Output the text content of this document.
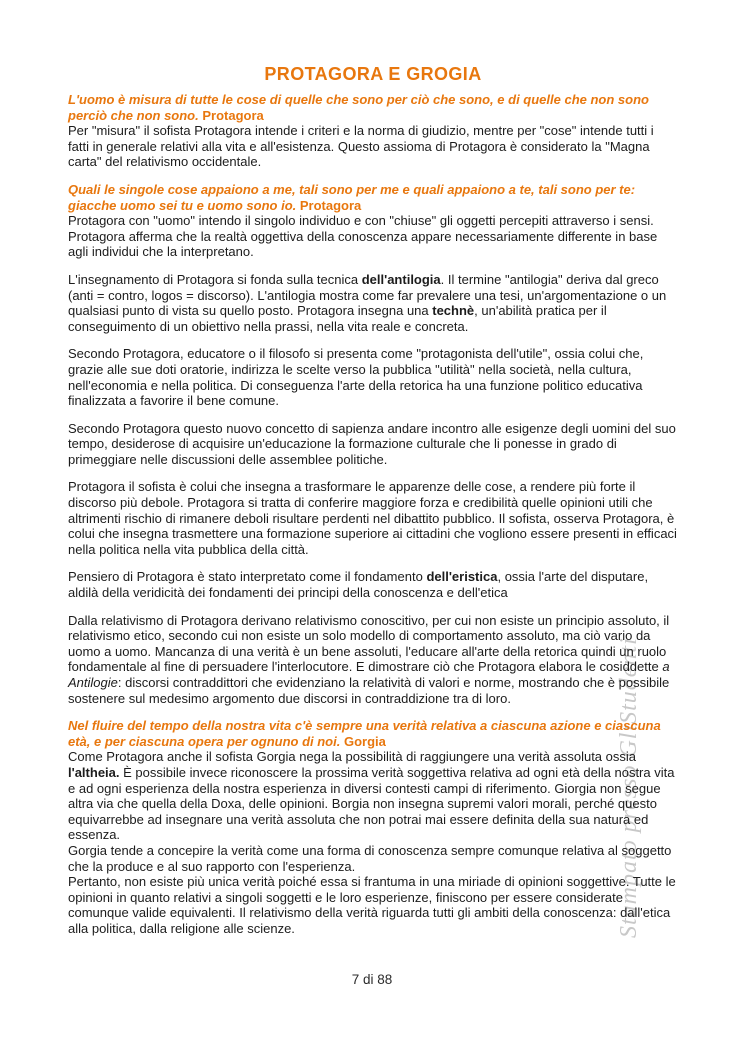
Stampato presso GliStudenti
PROTAGORA E GROGIA
L'uomo è misura di tutte le cose di quelle che sono per ciò che sono, e di quelle che non sono perciò che non sono. Protagora
Per "misura" il sofista Protagora intende i criteri e la norma di giudizio, mentre per "cose" intende tutti i fatti in generale relativi alla vita e all'esistenza. Questo assioma di Protagora è considerato la "Magna carta" del relativismo occidentale.
Quali le singole cose appaiono a me, tali sono per me e quali appaiono a te, tali sono per te: giacche uomo sei tu e uomo sono io. Protagora
Protagora con "uomo" intendo il singolo individuo e con "chiuse" gli oggetti percepiti attraverso i sensi. Protagora afferma che la realtà oggettiva della conoscenza appare necessariamente differente in base agli individui che la interpretano.
L'insegnamento di Protagora si fonda sulla tecnica dell'antilogia. Il termine "antilogia" deriva dal greco (anti = contro, logos = discorso). L'antilogia mostra come far prevalere una tesi, un'argomentazione o un qualsiasi punto di vista su quello posto. Protagora insegna una technè, un'abilità pratica per il conseguimento di un obiettivo nella prassi, nella vita reale e concreta.
Secondo Protagora, educatore o il filosofo si presenta come "protagonista dell'utile", ossia colui che, grazie alle sue doti oratorie, indirizza le scelte verso la pubblica "utilità" nella società, nella cultura, nell'economia e nella politica. Di conseguenza l'arte della retorica ha una funzione politico educativa finalizzata a favorire il bene comune.
Secondo Protagora questo nuovo concetto di sapienza andare incontro alle esigenze degli uomini del suo tempo, desiderose di acquisire un'educazione la formazione culturale che li ponesse in grado di primeggiare nelle discussioni delle assemblee politiche.
Protagora il sofista è colui che insegna a trasformare le apparenze delle cose, a rendere più forte il discorso più debole. Protagora si tratta di conferire maggiore forza e credibilità quelle opinioni utili che altrimenti rischio di rimanere deboli risultare perdenti nel dibattito pubblico. Il sofista, osserva Protagora, è colui che insegna trasmettere una formazione superiore ai cittadini che vogliono essere presenti in efficaci nella politica nella vita pubblica della città.
Pensiero di Protagora è stato interpretato come il fondamento dell'eristica, ossia l'arte del disputare, aldilà della veridicità dei fondamenti dei principi della conoscenza e dell'etica
Dalla relativismo di Protagora derivano relativismo conoscitivo, per cui non esiste un principio assoluto, il relativismo etico, secondo cui non esiste un solo modello di comportamento assoluto, ma ciò vario da uomo a uomo. Mancanza di una verità è un bene assoluti, l'educare all'arte della retorica quindi un ruolo fondamentale al fine di persuadere l'interlocutore. E dimostrare ciò che Protagora elabora le cosiddette a Antilogie: discorsi contraddittori che evidenziano la relatività di valori e norme, mostrando che è possibile sostenere sul medesimo argomento due discorsi in contraddizione tra di loro.
Nel fluire del tempo della nostra vita c'è sempre una verità relativa a ciascuna azione e ciascuna età, e per ciascuna opera per ognuno di noi. Gorgia
Come Protagora anche il sofista Gorgia nega la possibilità di raggiungere una verità assoluta ossia l'altheia. È possibile invece riconoscere la prossima verità soggettiva relativa ad ogni età della nostra vita e ad ogni esperienza della nostra esperienza in diversi contesti campi di riferimento. Giorgia non segue altra via che quella della Doxa, delle opinioni. Borgia non insegna supremi valori morali, perché questo equivarrebbe ad insegnare una verità assoluta che non potrai mai essere definita della sua natura ed essenza.
Gorgia tende a concepire la verità come una forma di conoscenza sempre comunque relativa al soggetto che la produce e al suo rapporto con l'esperienza.
Pertanto, non esiste più unica verità poiché essa si frantuma in una miriade di opinioni soggettive. Tutte le opinioni in quanto relativi a singoli soggetti e le loro esperienze, finiscono per essere considerate comunque valide equivalenti. Il relativismo della verità riguarda tutti gli ambiti della conoscenza: dall'etica alla politica, dalla religione alle scienze.
7 di 88
